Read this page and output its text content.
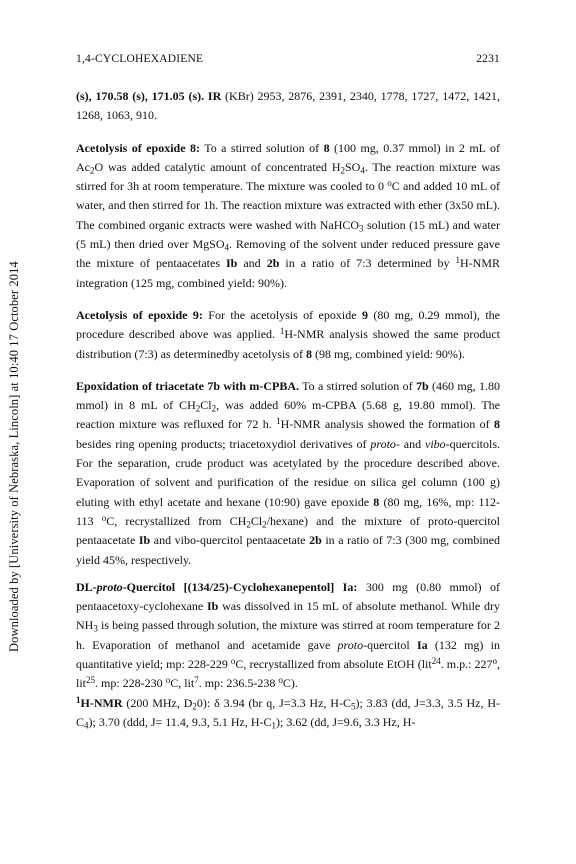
Downloaded by [University of Nebraska, Lincoln] at 10:40 17 October 2014
1,4-CYCLOHEXADIENE	2231

(s), 170.58 (s), 171.05 (s). IR (KBr) 2953, 2876, 2391, 2340, 1778, 1727, 1472, 1421, 1268, 1063, 910.

Acetolysis of epoxide 8: To a stirred solution of 8 (100 mg, 0.37 mmol) in 2 mL of $Ac_2O$ was added catalytic amount of concentrated $H_2SO_4$. The reaction mixture was stirred for 3h at room temperature. The mixture was cooled to 0 $^o$C and added 10 mL of water, and then stirred for 1h. The reaction mixture was extracted with ether (3x50 mL). The combined organic extracts were washed with NaHCO$_3$ solution (15 mL) and water (5 mL) then dried over MgSO$_4$. Removing of the solvent under reduced pressure gave the mixture of pentaacetates Ib and 2b in a ratio of 7:3 determined by $^1$H-NMR integration (125 mg, combined yield: 90%).

Acetolysis of epoxide 9: For the acetolysis of epoxide 9 (80 mg, 0.29 mmol), the procedure described above was applied. $^1$H-NMR analysis showed the same product distribution (7:3) as determinedby acetolysis of 8 (98 mg, combined yield: 90%).

Epoxidation of triacetate 7b with m-CPBA. To a stirred solution of 7b (460 mg, 1.80 mmol) in 8 mL of $CH_2Cl_2$, was added 60% m-CPBA (5.68 g, 19.80 mmol). The reaction mixture was refluxed for 72 h. $^1$H-NMR analysis showed the formation of 8 besides ring opening products; triacetoxydiol derivatives of proto- and vibo-quercitols. For the separation, crude product was acetylated by the procedure described above. Evaporation of solvent and purification of the residue on silica gel column (100 g) eluting with ethyl acetate and hexane (10:90) gave epoxide 8 (80 mg, 16%, mp: 112-113 $^o$C, recrystallized from $CH_2Cl_2/hexane$) and the mixture of proto-quercitol pentaacetate Ib and vibo-quercitol pentaacetate 2b in a ratio of 7:3 (300 mg, combined yield 45%, respectively.

DL-proto-Quercitol [(134/25)-Cyclohexanepentol] Ia: 300 mg (0.80 mmol) of pentaacetoxy-cyclohexane Ib was dissolved in 15 mL of absolute methanol. While dry $NH_3$ is being passed through solution, the mixture was stirred at room temperature for 2 h. Evaporation of methanol and acetamide gave proto-quercitol Ia (132 mg) in quantitative yield; mp: 228-229 $^o$C, recrystallized from absolute EtOH (lit$^{24}$. m.p.: 227$^o$, lit$^{25}$. mp: 228-230 $^o$C, lit$^7$. mp: 236.5-238 $^o$C).

$^1$H-NMR (200 MHz, $D_20$): δ 3.94 (br q, J=3.3 Hz, $H-C_5$); 3.83 (dd, J=3.3, 3.5 Hz, $H-C_4$); 3.70 (ddd, J= 11.4, 9.3, 5.1 Hz, $H-C_1$); 3.62 (dd, J=9.6, 3.3 Hz, H-
